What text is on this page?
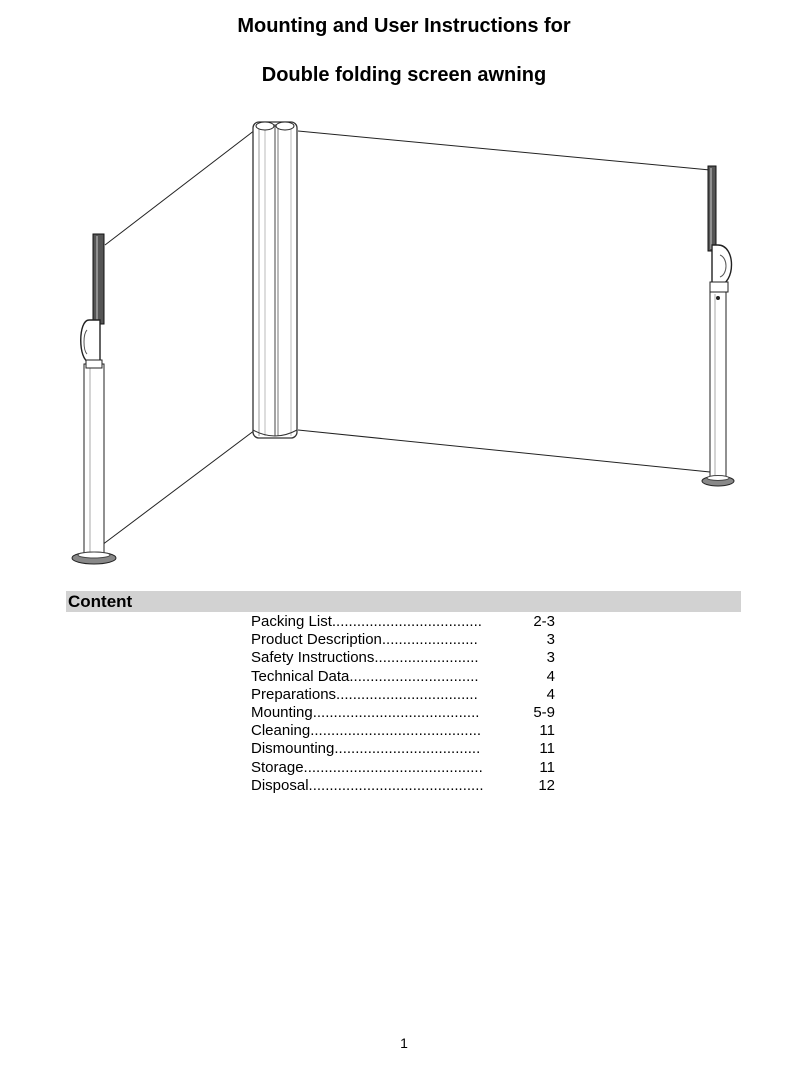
Mounting and User Instructions for
Double folding screen awning
Content
Packing List....................................	2-3
Product Description.......................	3
Safety Instructions.........................	3
Technical Data...............................	4
Preparations..................................	4
Mounting........................................	5-9
Cleaning.........................................	11
Dismounting...................................	11
Storage...........................................	11
Disposal..........................................	12
1
